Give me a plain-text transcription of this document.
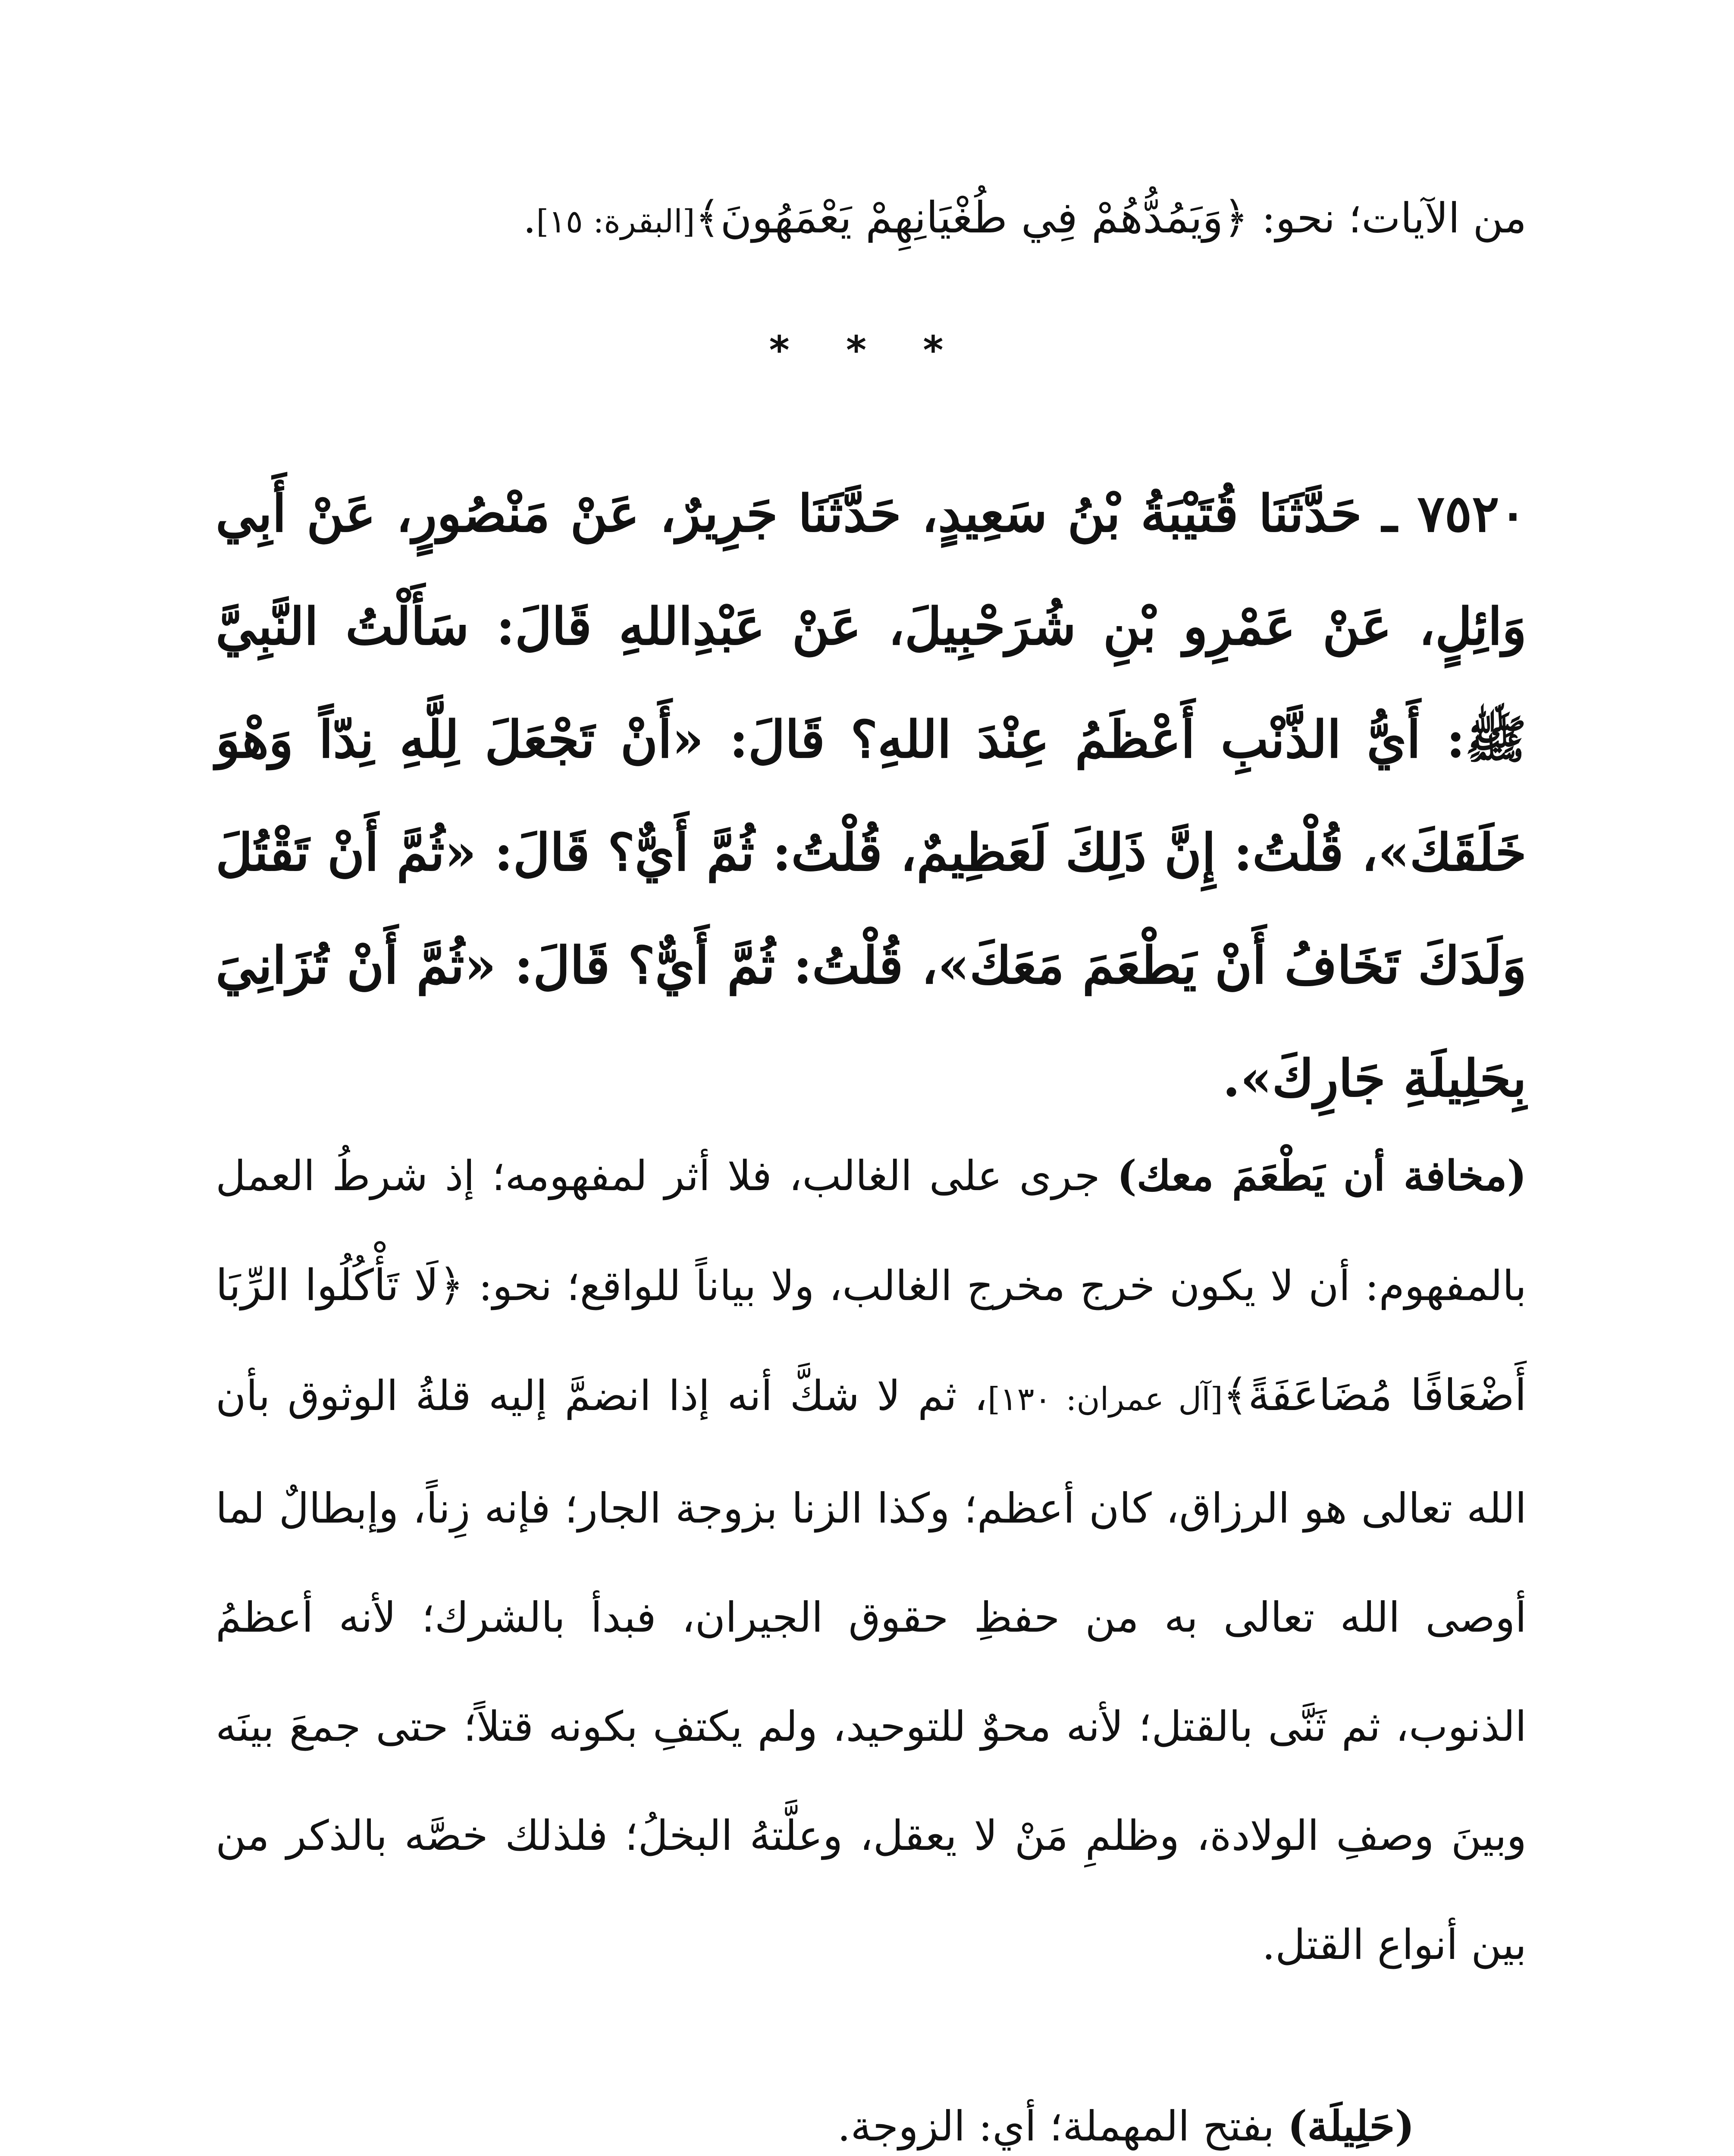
من الآيات؛ نحو: ﴿وَيَمُدُّهُمْ فِي طُغْيَانِهِمْ يَعْمَهُونَ﴾[البقرة: ١٥].

* * *

٧٥٢٠ ـ حَدَّثَنَا قُتَيْبَةُ بْنُ سَعِيدٍ، حَدَّثَنَا جَرِيرٌ، عَنْ مَنْصُورٍ، عَنْ أَبِي وَائِلٍ، عَنْ عَمْرِو بْنِ شُرَحْبِيلَ، عَنْ عَبْدِاللهِ قَالَ: سَأَلْتُ النَّبِيَّ ﷺ: أَيُّ الذَّنْبِ أَعْظَمُ عِنْدَ اللهِ؟ قَالَ: «أَنْ تَجْعَلَ لِلَّهِ نِدّاً وَهْوَ خَلَقَكَ»، قُلْتُ: إِنَّ ذَلِكَ لَعَظِيمٌ، قُلْتُ: ثُمَّ أَيٌّ؟ قَالَ: «ثُمَّ أَنْ تَقْتُلَ وَلَدَكَ تَخَافُ أَنْ يَطْعَمَ مَعَكَ»، قُلْتُ: ثُمَّ أَيٌّ؟ قَالَ: «ثُمَّ أَنْ تُزَانِيَ بِحَلِيلَةِ جَارِكَ».

(مخافة أن يَطْعَمَ معك) جرى على الغالب، فلا أثر لمفهومه؛ إذ شرطُ العمل بالمفهوم: أن لا يكون خرج مخرج الغالب، ولا بياناً للواقع؛ نحو: ﴿لَا تَأْكُلُوا الرِّبَا أَضْعَافًا مُضَاعَفَةً﴾[آل عمران: ١٣٠]، ثم لا شكَّ أنه إذا انضمَّ إليه قلةُ الوثوق بأن الله تعالى هو الرزاق، كان أعظم؛ وكذا الزنا بزوجة الجار؛ فإنه زِناً، وإبطالٌ لما أوصى الله تعالى به من حفظِ حقوق الجيران، فبدأ بالشرك؛ لأنه أعظمُ الذنوب، ثم ثَنَّى بالقتل؛ لأنه محوٌ للتوحيد، ولم يكتفِ بكونه قتلاً؛ حتى جمعَ بينَه وبينَ وصفِ الولادة، وظلمِ مَنْ لا يعقل، وعلَّتهُ البخلُ؛ فلذلك خصَّه بالذكر من بين أنواع القتل.

(حَلِيلَة) بفتح المهملة؛ أي: الزوجة.
